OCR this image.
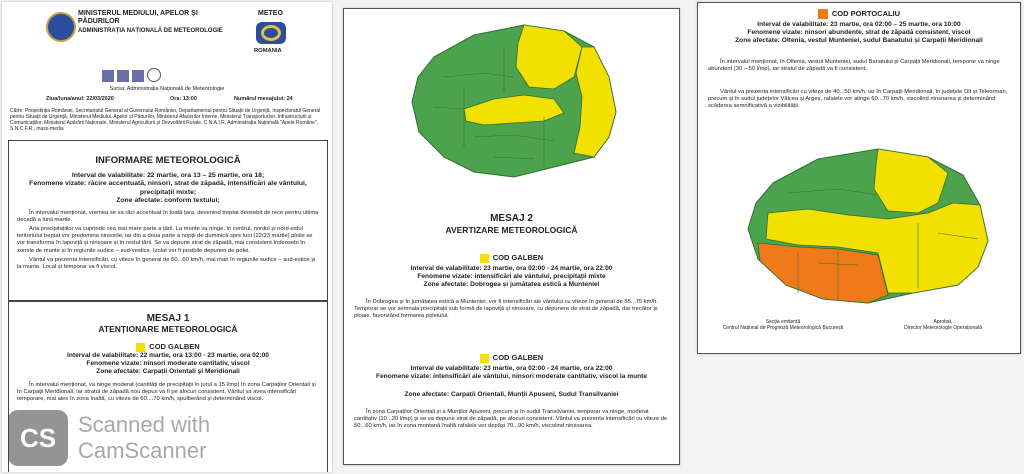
MINISTERUL MEDIULUI, APELOR ȘI PĂDURILOR
ADMINISTRAȚIA NAȚIONALĂ DE METEOROLOGIE
METEO
ROMANIA
Sursa: Administrația Națională de Meteorologie
Ziua/luna/anul: 22/03/2020	Ora: 13:00	Numărul mesajului: 24
Către: Președinția României, Secretariatul General al Guvernului României, Departamentul pentru Situații de Urgență, Inspectoratul General pentru Situații de Urgență, Ministerul Mediului, Apelor și Pădurilor, Ministerul Afacerilor Interne, Ministerul Transporturilor, Infrastructurii și Comunicațiilor, Ministerul Apărării Naționale, Ministerul Agriculturii și Dezvoltării Rurale, C.N.A.I.R, Administrația Națională "Apele Române", S.N.C.F.R., mass-media
INFORMARE METEOROLOGICĂ
Interval de valabilitate: 22 martie, ora 13 – 25 martie, ora 18;
Fenomene vizate: răcire accentuată, ninsori, strat de zăpadă, intensificări ale vântului, precipitații mixte;
Zone afectate: conform textului;
În intervalul menționat, vremea se va răci accentuat în toată țara, devenind treptat deosebit de rece pentru ultima decadă a lunii martie.
Aria precipitațiilor va cuprinde cea mai mare parte a țării. La munte va ninge, în centrul, nordul și nord-estul teritoriului treptat vor predomina ninsorile, iar din a doua parte a nopții de duminică spre luni (22/23 martie) ploile se vor transforma în lapoviță și ninsoare și în restul țării. Se va depune strat de zăpadă, mai consistent îndeosebi în zonele de munte și în regiunile sudice – sud-vestice. Izolat vor fi posibile depuneri de polei.
Vântul va prezenta intensificări, cu viteze în general de 50...60 km/h, mai mari în regiunile sudice – sud-estice și la munte. Local și temporar va fi viscol.
MESAJ 1
ATENȚIONARE METEOROLOGICĂ
COD GALBEN
Interval de valabilitate: 22 martie, ora 13:00 - 23 martie, ora 02:00
Fenomene vizate: ninsori moderate cantitativ, viscol
Zone afectate: Carpații Orientali și Meridionali
În intervalul menționat, va ninge moderat (cantități de precipitații în jurul a 15 l/mp) în zona Carpaților Orientali și în Carpații Meridionali, iar stratul de zăpadă nou depus va fi pe alocuri consistent. Vântul va avea intensificări temporare, mai ales în zona înaltă, cu viteze de 60....70 km/h, spulberând și determinând viscol.
MESAJ 2
AVERTIZARE METEOROLOGICĂ
COD GALBEN
Interval de valabilitate: 23 martie, ora 02:00 - 24 martie, ora 22:00
Fenomene vizate: intensificări ale vântului, precipitații mixte
Zone afectate: Dobrogea și jumătatea estică a Munteniei
În Dobrogea și în jumătatea estică a Munteniei, vor fi intensificări ale vântului cu viteze în general de 55...75 km/h. Temporar se vor semnala precipitații sub formă de lapoviță și ninsoare, cu depunere de strat de zăpadă, dar trecător și ploaie, favorizând formarea poleiului.
COD GALBEN
Interval de valabilitate: 23 martie, ora 02:00 - 24 martie, ora 22:00
Fenomene vizate: intensificări ale vântului, ninsori moderate cantitativ, viscol la munte
Zone afectate: Carpații Orientali, Munții Apuseni, Sudul Transilvaniei
În zona Carpaților Orientali și a Munților Apuseni, precum și în sudul Transilvaniei, temporar va ninge, moderat cantitativ (10...20 l/mp) și se va depune strat de zăpadă, pe alocuri consistent. Vântul va prezenta intensificări cu viteze de 50...60 km/h, iar în zona montană înaltă rafalele vor depăși 70...90 km/h, viscolind ninsoarea.
COD PORTOCALIU
Interval de valabilitate: 23 martie, ora 02:00 – 25 martie, ora 10:00
Fenomene vizate: ninsori abundente, strat de zăpadă consistent, viscol
Zone afectate: Oltenia, vestul Munteniei, sudul Banatului și Carpații Meridionali
În intervalul menționat, în Oltenia, vestul Munteniei, sudul Banatului și Carpații Meridionali, temporar va ninge abundent (30 – 50 l/mp), iar stratul de zăpadă va fi consistent.
Vântul va prezenta intensificări cu viteze de 40...50 km/h, iar în Carpații Meridionali, în județele Olt și Teleorman, precum și în sudul județelor Vâlcea și Argeș, rafalele vor atinge 60...70 km/h, viscolind ninsoarea și determinând scăderea semnificativă a vizibilității.
Secția emitentă
Centrul Național de Prognoză Meteorologică București
Aprobat,
Director Meteorologie Operațională
CS Scanned with
CamScanner
